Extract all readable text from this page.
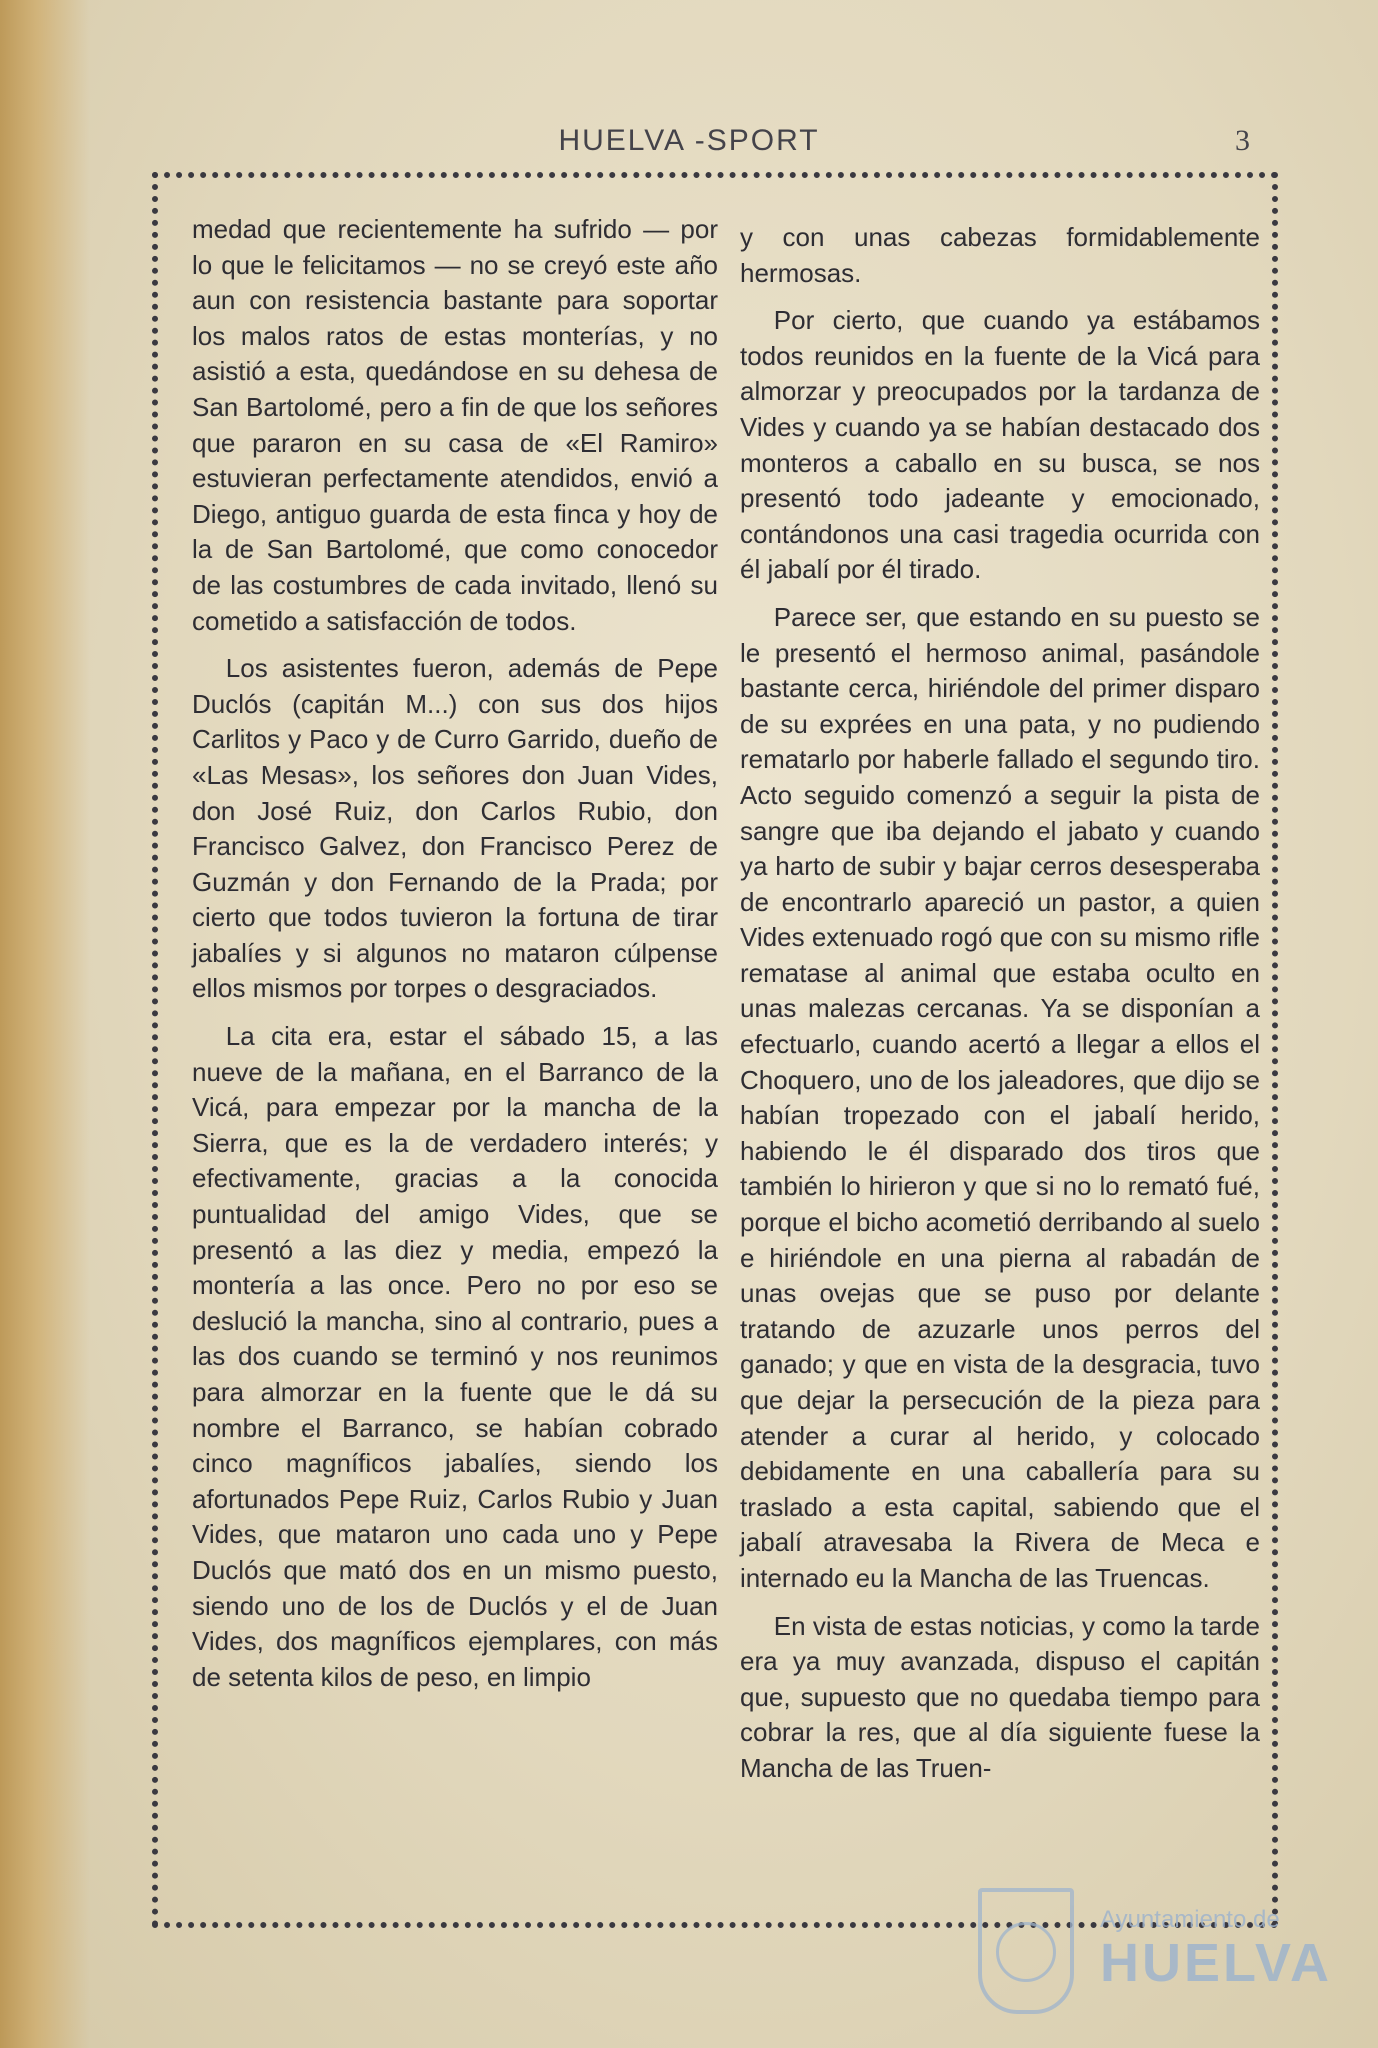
HUELVA -SPORT	3

medad que recientemente ha sufrido — por lo que le felicitamos — no se creyó este año aun con resistencia bastante para soportar los malos ratos de estas monterías, y no asistió a esta, quedándose en su dehesa de San Bartolomé, pero a fin de que los señores que pararon en su casa de «El Ramiro» estuvieran perfectamente atendidos, envió a Diego, antiguo guarda de esta finca y hoy de la de San Bartolomé, que como conocedor de las costumbres de cada invitado, llenó su cometido a satisfacción de todos.

Los asistentes fueron, además de Pepe Duclós (capitán M...) con sus dos hijos Carlitos y Paco y de Curro Garrido, dueño de «Las Mesas», los señores don Juan Vides, don José Ruiz, don Carlos Rubio, don Francisco Galvez, don Francisco Perez de Guzmán y don Fernando de la Prada; por cierto que todos tuvieron la fortuna de tirar jabalíes y si algunos no mataron cúlpense ellos mismos por torpes o desgraciados.

La cita era, estar el sábado 15, a las nueve de la mañana, en el Barranco de la Vicá, para empezar por la mancha de la Sierra, que es la de verdadero interés; y efectivamente, gracias a la conocida puntualidad del amigo Vides, que se presentó a las diez y media, empezó la montería a las once. Pero no por eso se deslució la mancha, sino al contrario, pues a las dos cuando se terminó y nos reunimos para almorzar en la fuente que le dá su nombre el Barranco, se habían cobrado cinco magníficos jabalíes, siendo los afortunados Pepe Ruiz, Carlos Rubio y Juan Vides, que mataron uno cada uno y Pepe Duclós que mató dos en un mismo puesto, siendo uno de los de Duclós y el de Juan Vides, dos magníficos ejemplares, con más de setenta kilos de peso, en limpio

y con unas cabezas formidablemente hermosas.

Por cierto, que cuando ya estábamos todos reunidos en la fuente de la Vicá para almorzar y preocupados por la tardanza de Vides y cuando ya se habían destacado dos monteros a caballo en su busca, se nos presentó todo jadeante y emocionado, contándonos una casi tragedia ocurrida con él jabalí por él tirado.

Parece ser, que estando en su puesto se le presentó el hermoso animal, pasándole bastante cerca, hiriéndole del primer disparo de su exprées en una pata, y no pudiendo rematarlo por haberle fallado el segundo tiro. Acto seguido comenzó a seguir la pista de sangre que iba dejando el jabato y cuando ya harto de subir y bajar cerros desesperaba de encontrarlo apareció un pastor, a quien Vides extenuado rogó que con su mismo rifle rematase al animal que estaba oculto en unas malezas cercanas. Ya se disponían a efectuarlo, cuando acertó a llegar a ellos el Choquero, uno de los jaleadores, que dijo se habían tropezado con el jabalí herido, habiendo le él disparado dos tiros que también lo hirieron y que si no lo remató fué, porque el bicho acometió derribando al suelo e hiriéndole en una pierna al rabadán de unas ovejas que se puso por delante tratando de azuzarle unos perros del ganado; y que en vista de la desgracia, tuvo que dejar la persecución de la pieza para atender a curar al herido, y colocado debidamente en una caballería para su traslado a esta capital, sabiendo que el jabalí atravesaba la Rivera de Meca e internado eu la Mancha de las Truencas.

En vista de estas noticias, y como la tarde era ya muy avanzada, dispuso el capitán que, supuesto que no quedaba tiempo para cobrar la res, que al día siguiente fuese la Mancha de las Truen-

Ayuntamiento de
HUELVA
